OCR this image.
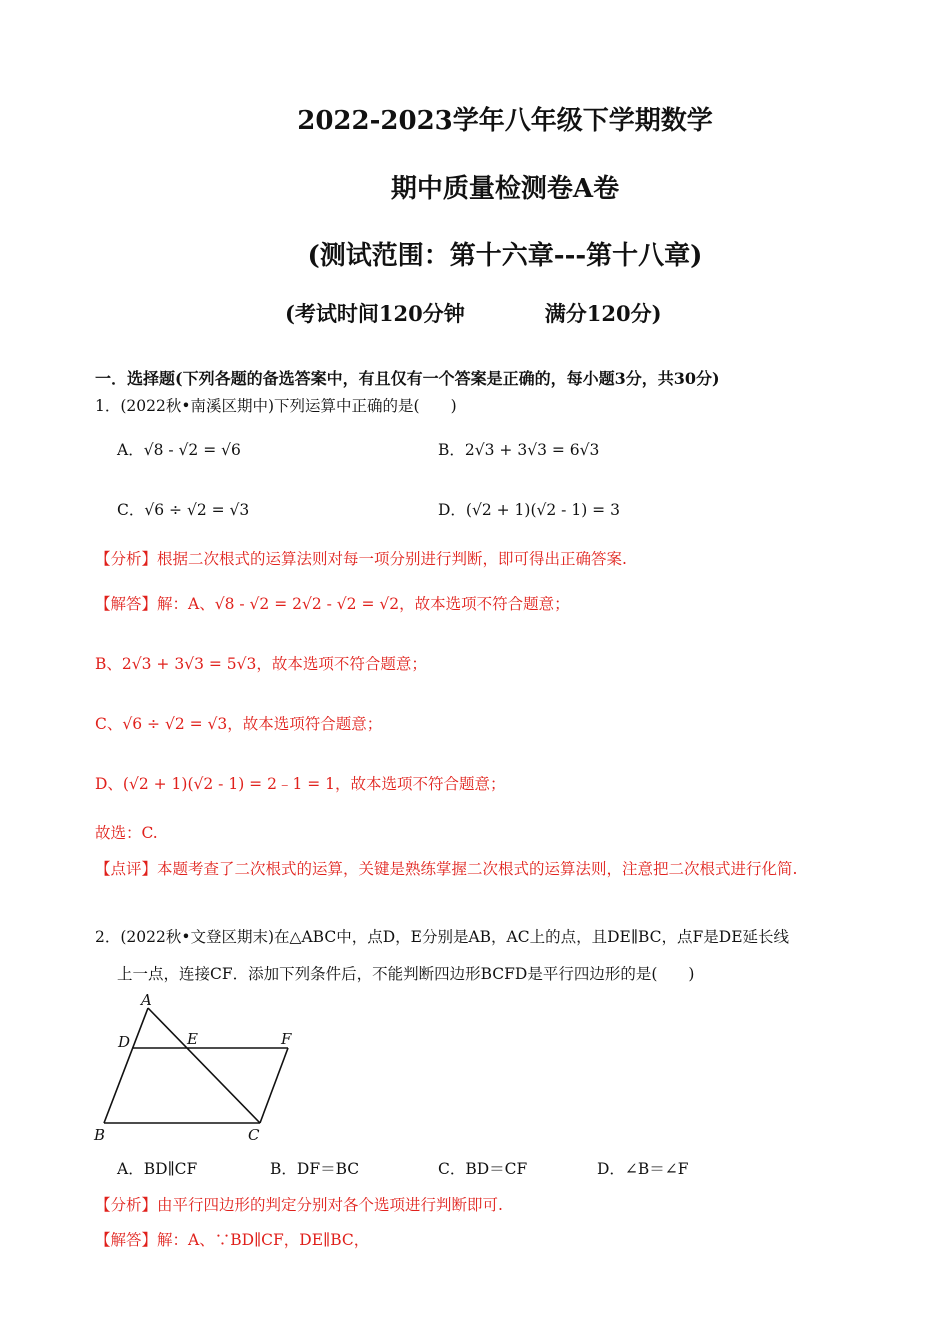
2022-2023学年八年级下学期数学
期中质量检测卷A卷
(测试范围：第十六章---第十八章)
(考试时间120分钟	满分120分)
一．选择题(下列各题的备选答案中，有且仅有一个答案是正确的，每小题3分，共30分)
1．(2022秋•南溪区期中)下列运算中正确的是(　　)
A．√8 - √2 = √6	B．2√3 + 3√3 = 6√3
C．√6 ÷ √2 = √3	D．(√2 + 1)(√2 - 1) = 3
【分析】根据二次根式的运算法则对每一项分别进行判断，即可得出正确答案.
【解答】解：A、√8 - √2 = 2√2 - √2 = √2，故本选项不符合题意；
B、2√3 + 3√3 = 5√3，故本选项不符合题意；
C、√6 ÷ √2 = √3，故本选项符合题意；
D、(√2 + 1)(√2 - 1) = 2﹣1 = 1，故本选项不符合题意；
故选：C.
【点评】本题考查了二次根式的运算，关键是熟练掌握二次根式的运算法则，注意把二次根式进行化简.
2．(2022秋•文登区期末)在△ABC中，点D，E分别是AB，AC上的点，且DE∥BC，点F是DE延长线
上一点，连接CF．添加下列条件后，不能判断四边形BCFD是平行四边形的是(　　)
A
D	E	F
B	C
A．BD∥CF	B．DF＝BC	C．BD＝CF	D．∠B＝∠F
【分析】由平行四边形的判定分别对各个选项进行判断即可.
【解答】解：A、∵BD∥CF，DE∥BC，
